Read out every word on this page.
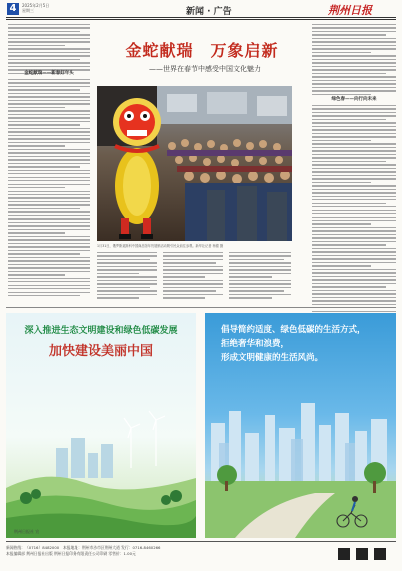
4	2025年2月5日
星期三	新闻 · 广告	荆州日报
金蛇献瑞——新春好年头
绿色春——向行向未来
金蛇献瑞　万象启新
——世界在春节中感受中国文化魅力
1月31日，俄罗斯莫斯科中国商品馆年货展销活动吸引民众前往参观。新华社记者 杨德 摄
深入推进生态文明建设和绿色低碳发展
加快建设美丽中国
荆州日报社 宣
倡导简约适度、绿色低碳的生活方式，
拒绝奢华和浪费，
形成文明健康的生活风尚。
新闻热线：（0716）8482000　本报地址：荆州市沙市区荆州大道 发行：0716-8460266
本报编辑部 荆州日报社出版 荆州日报印务有限责任公司印刷 零售价：1.00元
